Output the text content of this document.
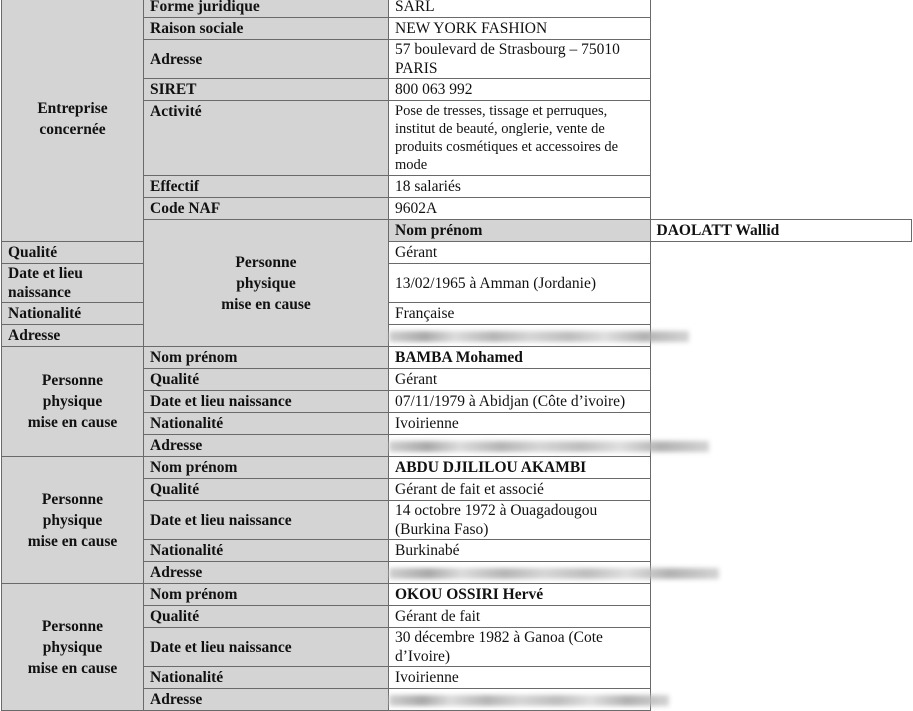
Entreprise
concernée	Forme juridique	SARL	
	Raison sociale	NEW YORK FASHION	
	Adresse	57 boulevard de Strasbourg – 75010 PARIS	
	SIRET	800 063 992	
	Activité	Pose de tresses, tissage et perruques, institut de beauté, onglerie, vente de produits cosmétiques et accessoires de mode	
	Effectif	18 salariés	
	Code NAF	9602A	
	Personne
physique
mise en cause	Nom prénom	DAOLATT Wallid
Qualité		Gérant	
Date et lieu naissance		13/02/1965 à Amman (Jordanie)	
Nationalité		Française	
Adresse			
Personne
physique
mise en cause	Nom prénom	BAMBA Mohamed	
	Qualité	Gérant	
	Date et lieu naissance	07/11/1979 à Abidjan (Côte d’ivoire)	
	Nationalité	Ivoirienne	
	Adresse		
Personne
physique
mise en cause	Nom prénom	ABDU DJILILOU AKAMBI	
	Qualité	Gérant de fait et associé	
	Date et lieu naissance	14 octobre 1972 à Ouagadougou (Burkina Faso)	
	Nationalité	Burkinabé	
	Adresse		
Personne
physique
mise en cause	Nom prénom	OKOU OSSIRI Hervé	
	Qualité	Gérant de fait	
	Date et lieu naissance	30 décembre 1982 à Ganoa (Cote d’Ivoire)	
	Nationalité	Ivoirienne	
	Adresse		
